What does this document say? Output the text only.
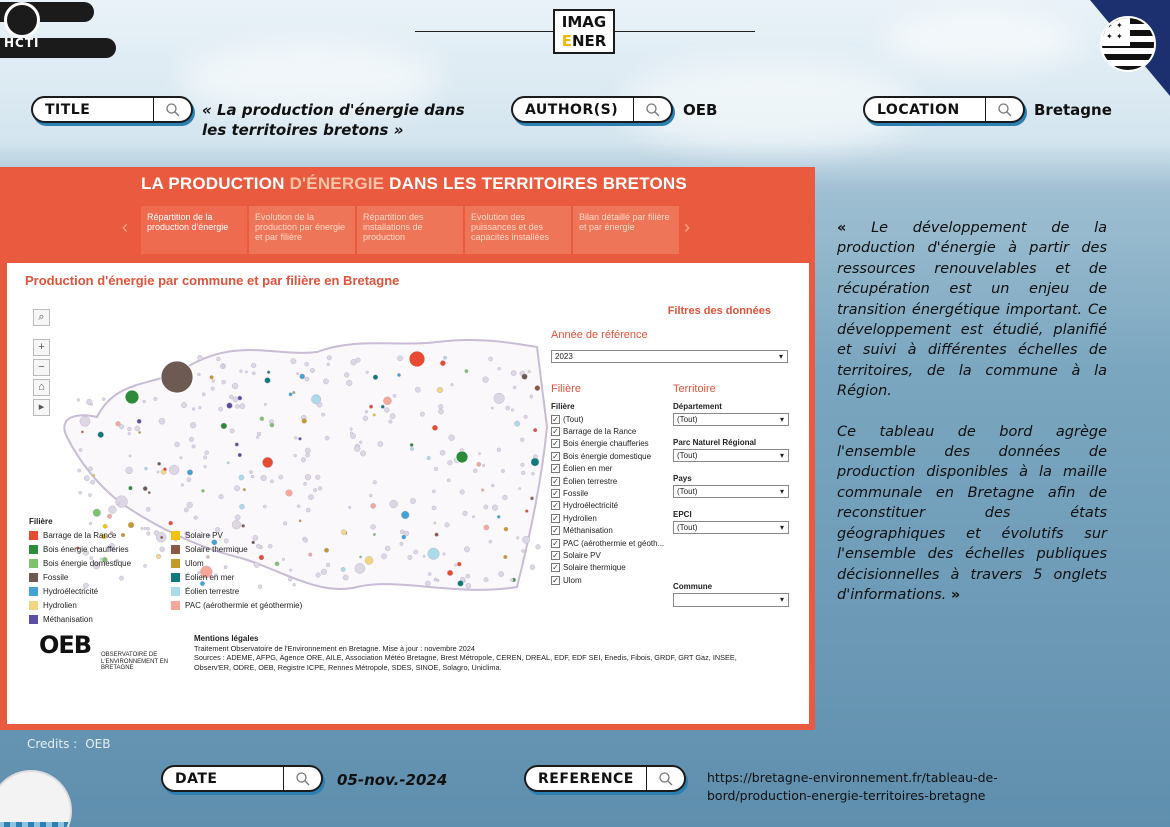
HCTI
IMAG
ENER
✦ ✦
✦ ✦
TITLE	« La production d'énergie dans
les territoires bretons »
AUTHOR(S)	OEB	LOCATION	Bretagne
LA PRODUCTION D'ÉNERGIE DANS LES TERRITOIRES BRETONS
‹	Répartition de la production d'énergie
Evolution de la production par énergie et par filière
Répartition des installations de production
Evolution des puissances et des capacités installées
Bilan détaillé par filière et par énergie	›
Production d'énergie par commune et par filière en Bretagne
⌕
+
−
⌂
▸
Filière
Barrage de la Rance	Solaire PV
Bois énergie chaufferies	Solaire thermique
Bois énergie domestique	Ulom
Fossile	Éolien en mer
Hydroélectricité	Éolien terrestre
Hydrolien	PAC (aérothermie et géothermie)
Méthanisation
Filtres des données
Année de référence
2023 ▾
Filière
Filière
✓ (Tout)
✓ Barrage de la Rance
✓ Bois énergie chaufferies
✓ Bois énergie domestique
✓ Éolien en mer
✓ Éolien terrestre
✓ Fossile
✓ Hydroélectricité
✓ Hydrolien
✓ Méthanisation
✓ PAC (aérothermie et géoth...
✓ Solaire PV
✓ Solaire thermique
✓ Ulom
Territoire
Département
(Tout) ▾
Parc Naturel Régional
(Tout) ▾
Pays
(Tout) ▾
EPCI
(Tout) ▾
Commune
▾
OEB OBSERVATOIRE DE L'ENVIRONNEMENT EN BRETAGNE
Mentions légales
Traitement Observatoire de l'Environnement en Bretagne. Mise à jour : novembre 2024
Sources : ADEME, AFPG, Agence ORE, AILE, Association Météo Bretagne, Brest Métropole, CEREN, DREAL, EDF, EDF SEI, Enedis, Fibois, GRDF, GRT Gaz, INSEE,
Observ'ER, ODRE, OEB, Registre ICPE, Rennes Métropole, SDES, SINOE, Solagro, Uniclima.
Credits : OEB

« Le développement de la production d'énergie à partir des ressources renouvelables et de récupération est un enjeu de transition énergétique important. Ce développement est étudié, planifié et suivi à différentes échelles de territoires, de la commune à la Région.

Ce tableau de bord agrège l'ensemble des données de production disponibles à la maille communale en Bretagne afin de reconstituer des états géographiques et évolutifs sur l'ensemble des échelles publiques décisionnelles à travers 5 onglets d'informations. »

DATE	05-nov.-2024	REFERENCE	https://bretagne-environnement.fr/tableau-de-
bord/production-energie-territoires-bretagne
